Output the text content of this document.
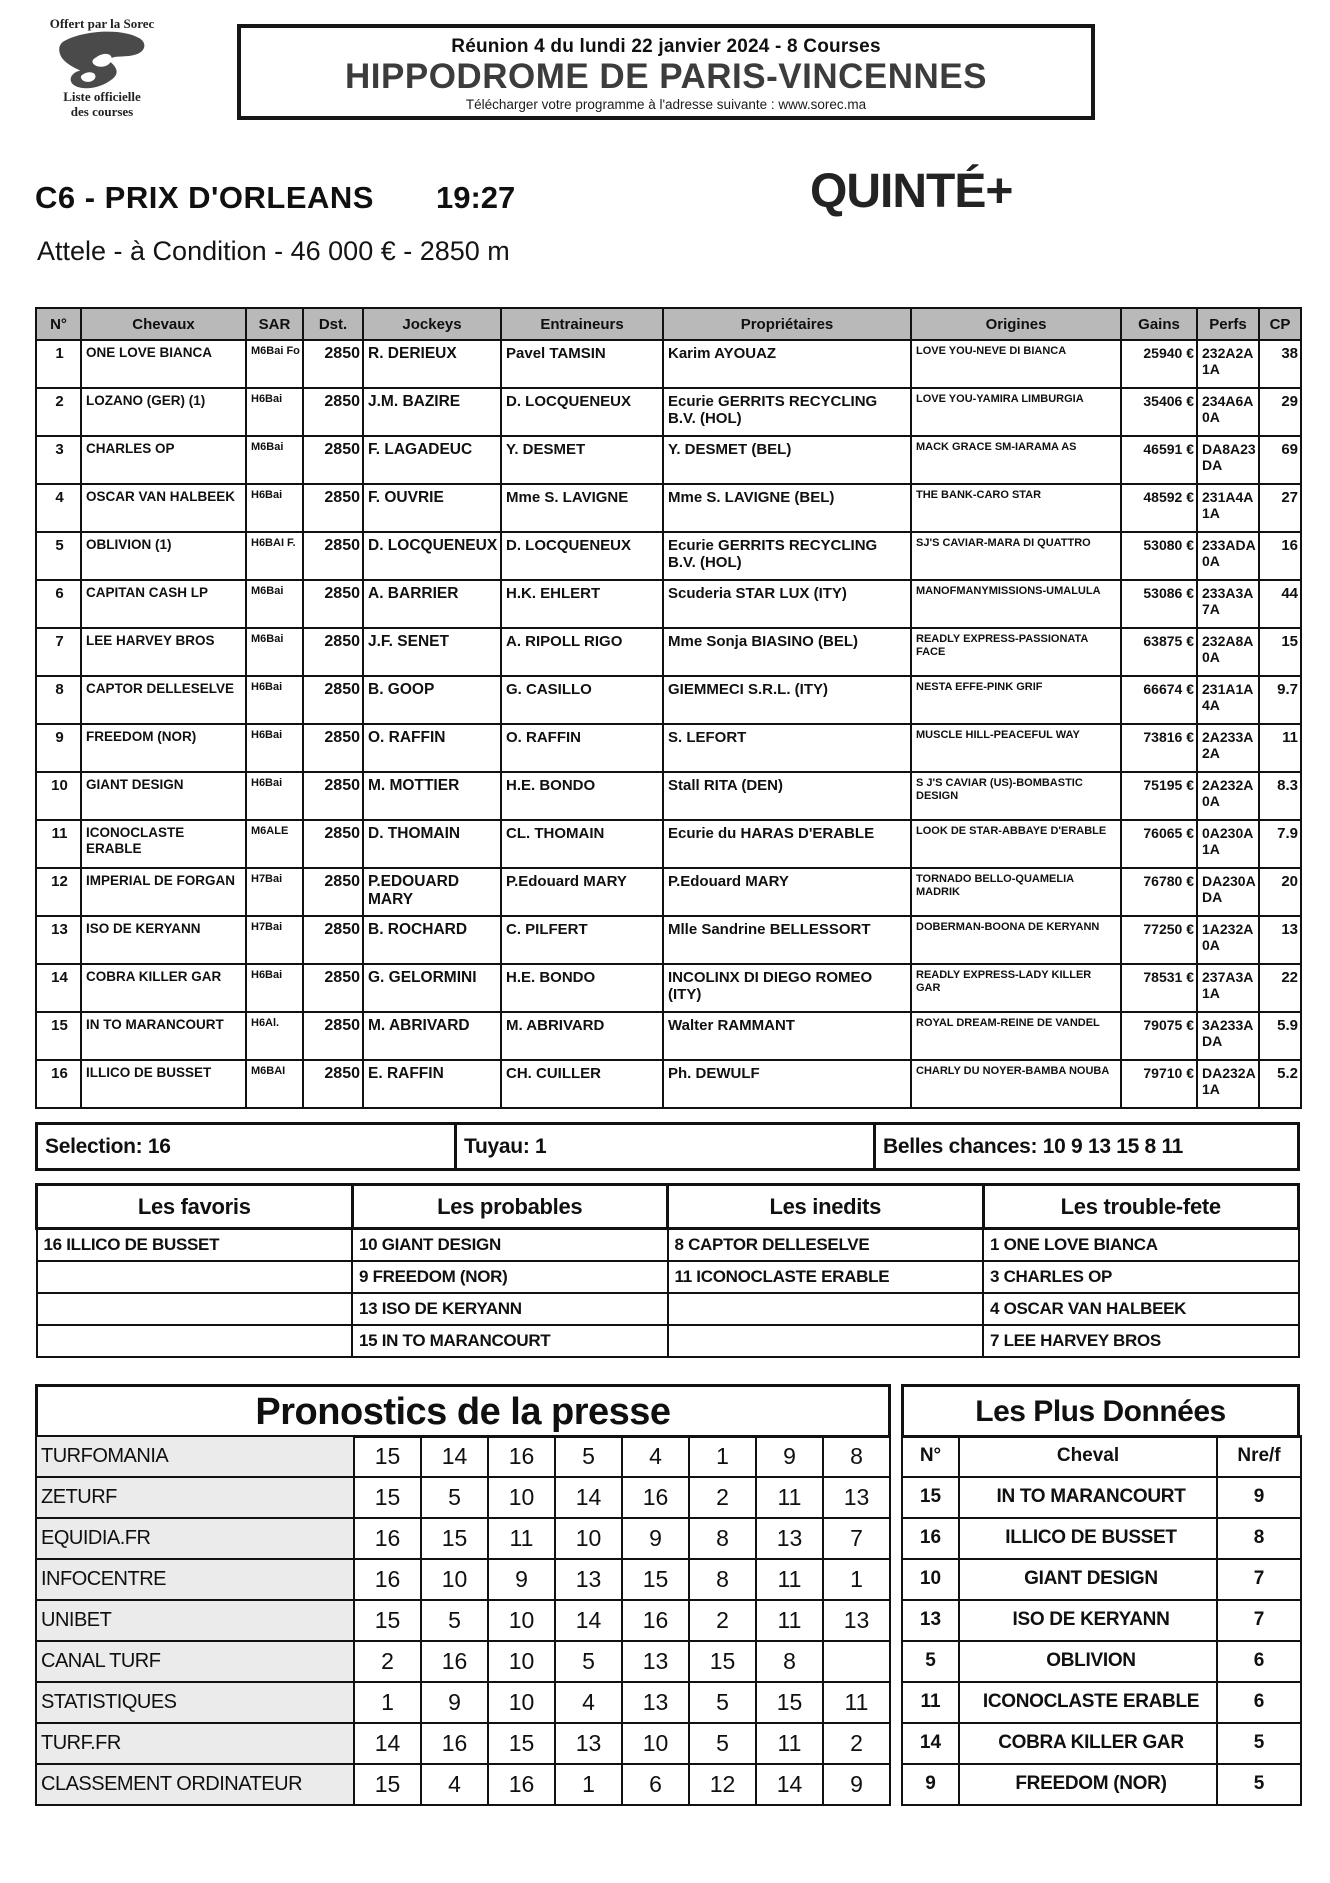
Offert par la Sorec
Liste officielle
des courses
Réunion 4 du lundi 22 janvier 2024 - 8 Courses
HIPPODROME DE PARIS-VINCENNES
Télécharger votre programme à l'adresse suivante : www.sorec.ma
C6 - PRIX D'ORLEANS 19:27	QUINTÉ+
Attele - à Condition - 46 000 € - 2850 m
N°	Chevaux	SAR	Dst.	Jockeys	Entraineurs	Propriétaires	Origines	Gains	Perfs	CP
1	ONE LOVE BIANCA	M6Bai Fo	2850	R. DERIEUX	Pavel TAMSIN	Karim AYOUAZ	LOVE YOU-NEVE DI BIANCA	25940 €	232A2A 1A	38
2	LOZANO (GER) (1)	H6Bai	2850	J.M. BAZIRE	D. LOCQUENEUX	Ecurie GERRITS RECYCLING B.V. (HOL)	LOVE YOU-YAMIRA LIMBURGIA	35406 €	234A6A 0A	29
3	CHARLES OP	M6Bai	2850	F. LAGADEUC	Y. DESMET	Y. DESMET (BEL)	MACK GRACE SM-IARAMA AS	46591 €	DA8A23 DA	69
4	OSCAR VAN HALBEEK	H6Bai	2850	F. OUVRIE	Mme S. LAVIGNE	Mme S. LAVIGNE (BEL)	THE BANK-CARO STAR	48592 €	231A4A 1A	27
5	OBLIVION (1)	H6BAI F.	2850	D. LOCQUENEUX	D. LOCQUENEUX	Ecurie GERRITS RECYCLING B.V. (HOL)	SJ'S CAVIAR-MARA DI QUATTRO	53080 €	233ADA 0A	16
6	CAPITAN CASH LP	M6Bai	2850	A. BARRIER	H.K. EHLERT	Scuderia STAR LUX (ITY)	MANOFMANYMISSIONS-UMALULA	53086 €	233A3A 7A	44
7	LEE HARVEY BROS	M6Bai	2850	J.F. SENET	A. RIPOLL RIGO	Mme Sonja BIASINO (BEL)	READLY EXPRESS-PASSIONATA FACE	63875 €	232A8A 0A	15
8	CAPTOR DELLESELVE	H6Bai	2850	B. GOOP	G. CASILLO	GIEMMECI S.R.L. (ITY)	NESTA EFFE-PINK GRIF	66674 €	231A1A 4A	9.7
9	FREEDOM (NOR)	H6Bai	2850	O. RAFFIN	O. RAFFIN	S. LEFORT	MUSCLE HILL-PEACEFUL WAY	73816 €	2A233A 2A	11
10	GIANT DESIGN	H6Bai	2850	M. MOTTIER	H.E. BONDO	Stall RITA (DEN)	S J'S CAVIAR (US)-BOMBASTIC DESIGN	75195 €	2A232A 0A	8.3
11	ICONOCLASTE ERABLE	M6ALE	2850	D. THOMAIN	CL. THOMAIN	Ecurie du HARAS D'ERABLE	LOOK DE STAR-ABBAYE D'ERABLE	76065 €	0A230A 1A	7.9
12	IMPERIAL DE FORGAN	H7Bai	2850	P.EDOUARD MARY	P.Edouard MARY	P.Edouard MARY	TORNADO BELLO-QUAMELIA MADRIK	76780 €	DA230A DA	20
13	ISO DE KERYANN	H7Bai	2850	B. ROCHARD	C. PILFERT	Mlle Sandrine BELLESSORT	DOBERMAN-BOONA DE KERYANN	77250 €	1A232A 0A	13
14	COBRA KILLER GAR	H6Bai	2850	G. GELORMINI	H.E. BONDO	INCOLINX DI DIEGO ROMEO (ITY)	READLY EXPRESS-LADY KILLER GAR	78531 €	237A3A 1A	22
15	IN TO MARANCOURT	H6Al.	2850	M. ABRIVARD	M. ABRIVARD	Walter RAMMANT	ROYAL DREAM-REINE DE VANDEL	79075 €	3A233A DA	5.9
16	ILLICO DE BUSSET	M6BAI	2850	E. RAFFIN	CH. CUILLER	Ph. DEWULF	CHARLY DU NOYER-BAMBA NOUBA	79710 €	DA232A 1A	5.2
Selection: 16	Tuyau: 1	Belles chances: 10 9 13 15 8 11
Les favoris	Les probables	Les inedits	Les trouble-fete
16 ILLICO DE BUSSET	10 GIANT DESIGN	8 CAPTOR DELLESELVE	1 ONE LOVE BIANCA
	9 FREEDOM (NOR)	11 ICONOCLASTE ERABLE	3 CHARLES OP
	13 ISO DE KERYANN		4 OSCAR VAN HALBEEK
	15 IN TO MARANCOURT		7 LEE HARVEY BROS
Pronostics de la presse
TURFOMANIA	15	14	16	5	4	1	9	8
ZETURF	15	5	10	14	16	2	11	13
EQUIDIA.FR	16	15	11	10	9	8	13	7
INFOCENTRE	16	10	9	13	15	8	11	1
UNIBET	15	5	10	14	16	2	11	13
CANAL TURF	2	16	10	5	13	15	8	
STATISTIQUES	1	9	10	4	13	5	15	11
TURF.FR	14	16	15	13	10	5	11	2
CLASSEMENT ORDINATEUR	15	4	16	1	6	12	14	9
Les Plus Données
N°	Cheval	Nre/f
15	IN TO MARANCOURT	9
16	ILLICO DE BUSSET	8
10	GIANT DESIGN	7
13	ISO DE KERYANN	7
5	OBLIVION	6
11	ICONOCLASTE ERABLE	6
14	COBRA KILLER GAR	5
9	FREEDOM (NOR)	5
